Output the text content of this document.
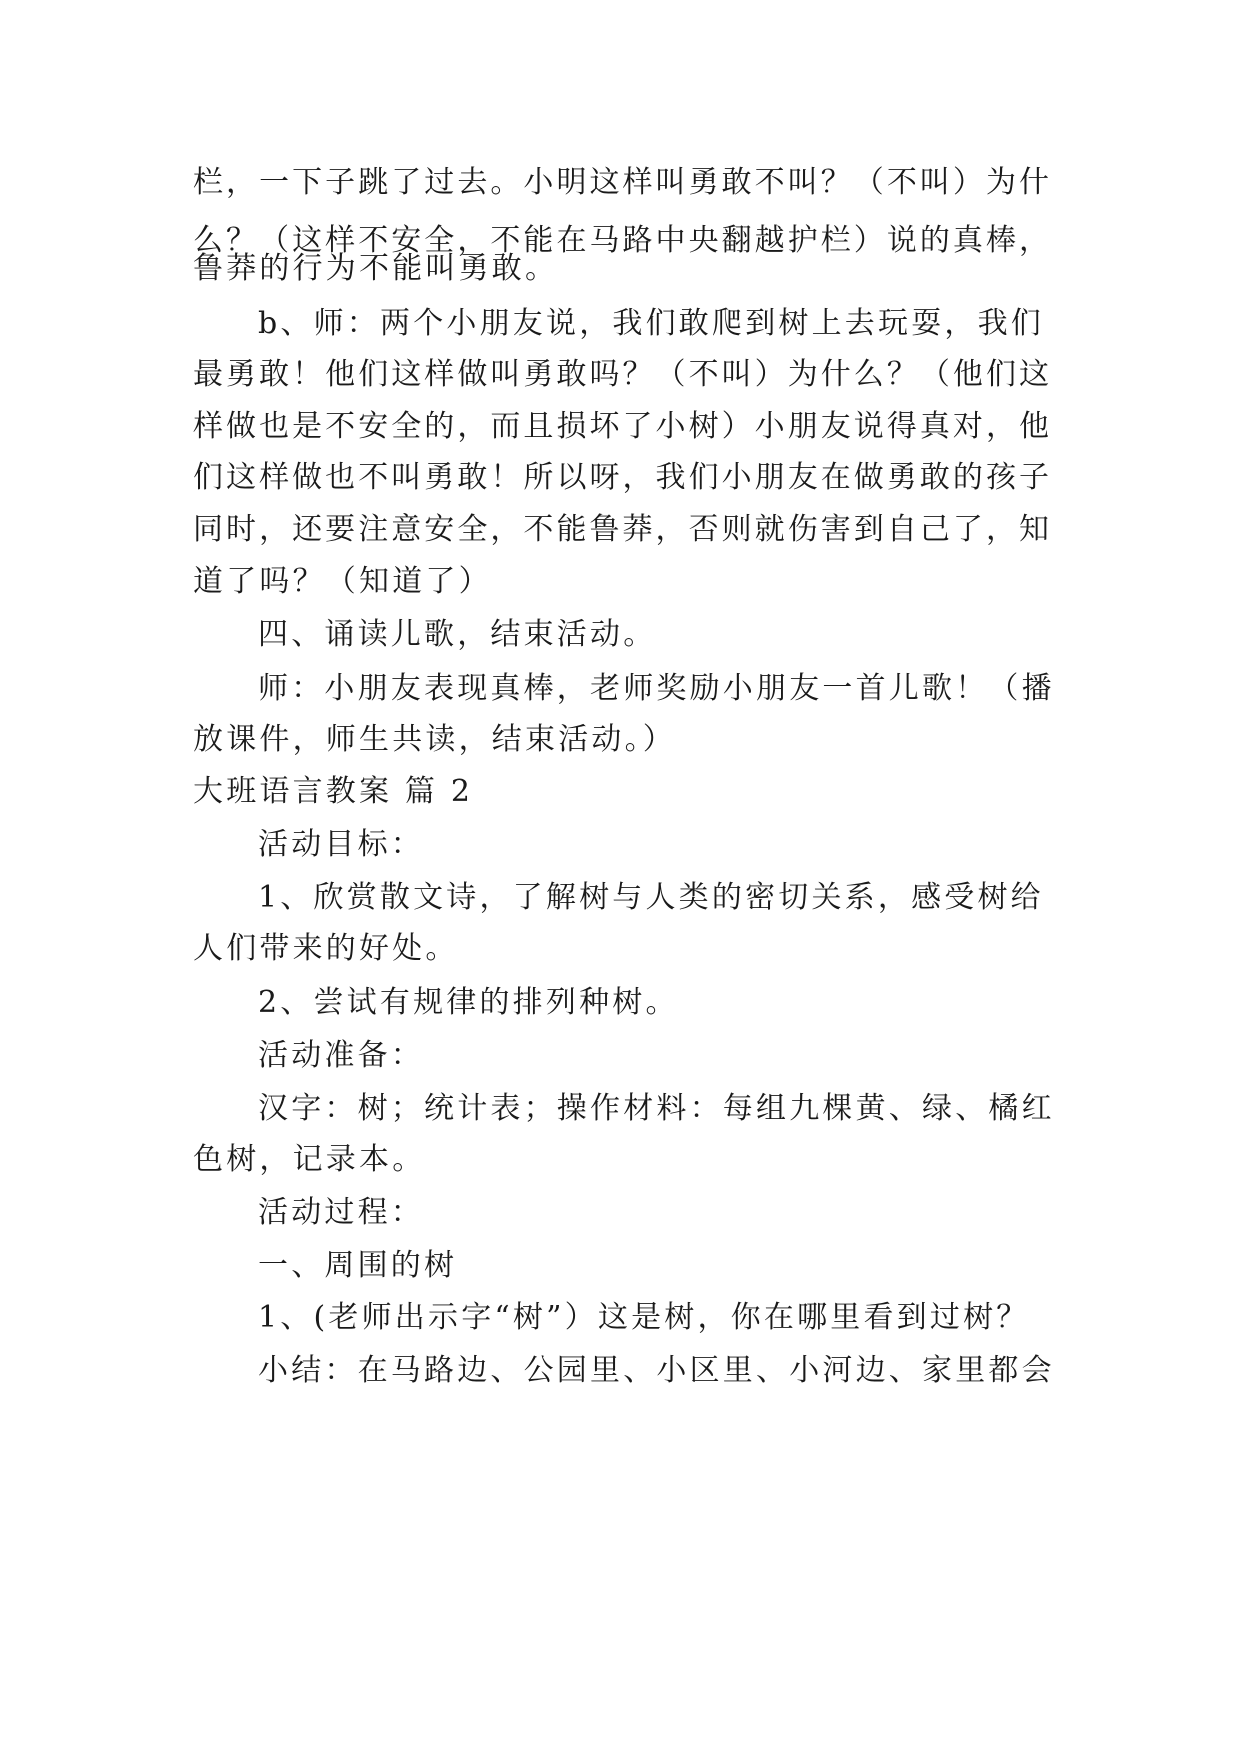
栏，一下子跳了过去。小明这样叫勇敢不叫？（不叫）为什
么？（这样不安全，不能在马路中央翻越护栏）说的真棒，
鲁莽的行为不能叫勇敢。
b、师：两个小朋友说，我们敢爬到树上去玩耍，我们
最勇敢！他们这样做叫勇敢吗？（不叫）为什么？（他们这
样做也是不安全的，而且损坏了小树）小朋友说得真对，他
们这样做也不叫勇敢！所以呀，我们小朋友在做勇敢的孩子
同时，还要注意安全，不能鲁莽，否则就伤害到自己了，知
道了吗？（知道了）
四、诵读儿歌，结束活动。
师：小朋友表现真棒，老师奖励小朋友一首儿歌！（播
放课件，师生共读，结束活动。）
大班语言教案 篇 2
活动目标：
1、欣赏散文诗，了解树与人类的密切关系，感受树给
人们带来的好处。
2、尝试有规律的排列种树。
活动准备：
汉字：树；统计表；操作材料：每组九棵黄、绿、橘红
色树，记录本。
活动过程：
一、周围的树
1、(老师出示字“树”）这是树，你在哪里看到过树？
小结：在马路边、公园里、小区里、小河边、家里都会
